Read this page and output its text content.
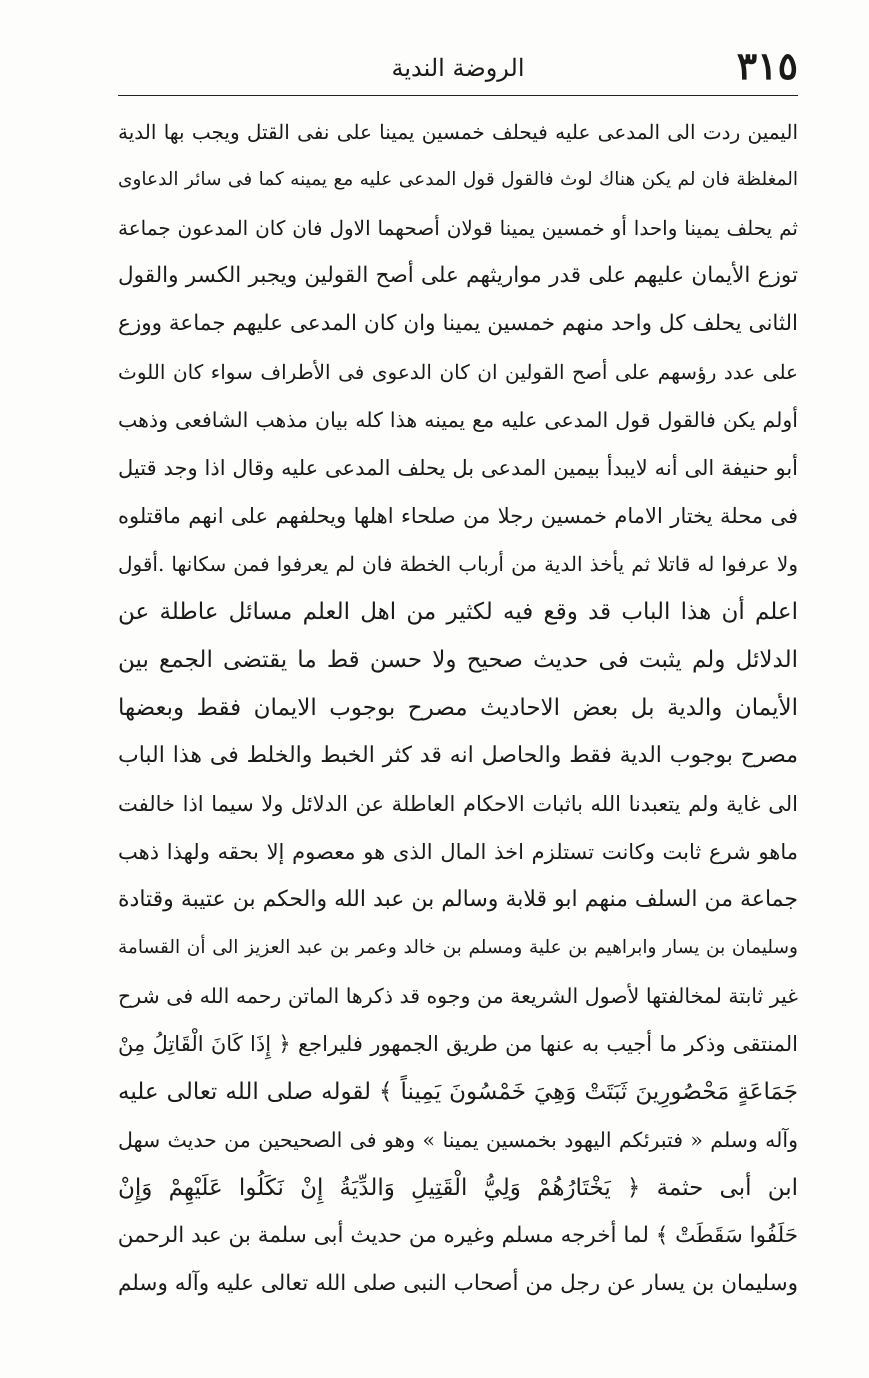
٣١٥
الروضة الندية
اليمين ردت الى المدعى عليه فيحلف خمسين يمينا على نفى القتل ويجب بها الدية
المغلظة فان لم يكن هناك لوث فالقول قول المدعى عليه مع يمينه كما فى سائر الدعاوى
ثم يحلف يمينا واحدا أو خمسين يمينا قولان أصحهما الاول فان كان المدعون جماعة
توزع الأيمان عليهم على قدر مواريثهم على أصح القولين ويجبر الكسر والقول
الثانى يحلف كل واحد منهم خمسين يمينا وان كان المدعى عليهم جماعة ووزع
على عدد رؤسهم على أصح القولين ان كان الدعوى فى الأطراف سواء كان اللوث
أولم يكن فالقول قول المدعى عليه مع يمينه هذا كله بيان مذهب الشافعى وذهب
أبو حنيفة الى أنه لايبدأ بيمين المدعى بل يحلف المدعى عليه وقال اذا وجد قتيل
فى محلة يختار الامام خمسين رجلا من صلحاء اهلها ويحلفهم على انهم ماقتلوه
ولا عرفوا له قاتلا ثم يأخذ الدية من أرباب الخطة فان لم يعرفوا فمن سكانها .أقول
اعلم أن هذا الباب قد وقع فيه لكثير من اهل العلم مسائل عاطلة عن
الدلائل ولم يثبت فى حديث صحيح ولا حسن قط ما يقتضى الجمع بين
الأيمان والدية بل بعض الاحاديث مصرح بوجوب الايمان فقط وبعضها
مصرح بوجوب الدية فقط والحاصل انه قد كثر الخبط والخلط فى هذا الباب
الى غاية ولم يتعبدنا الله باثبات الاحكام العاطلة عن الدلائل ولا سيما اذا خالفت
ماهو شرع ثابت وكانت تستلزم اخذ المال الذى هو معصوم إلا بحقه ولهذا ذهب
جماعة من السلف منهم ابو قلابة وسالم بن عبد الله والحكم بن عتيبة وقتادة
وسليمان بن يسار وابراهيم بن علية ومسلم بن خالد وعمر بن عبد العزيز الى أن القسامة
غير ثابتة لمخالفتها لأصول الشريعة من وجوه قد ذكرها الماتن رحمه الله فى شرح
المنتقى وذكر ما أجيب به عنها من طريق الجمهور فليراجع ﴿ إِذَا كَانَ الْقَاتِلُ مِنْ
جَمَاعَةٍ مَحْصُورِينَ ثَبَتَتْ وَهِيَ خَمْسُونَ يَمِيناً ﴾ لقوله صلى الله تعالى عليه
وآله وسلم « فتبرئكم اليهود بخمسين يمينا » وهو فى الصحيحين من حديث سهل
ابن أبى حثمة ﴿ يَخْتَارُهُمْ وَلِيُّ الْقَتِيلِ وَالدِّيَةُ إِنْ نَكَلُوا عَلَيْهِمْ وَإِنْ
حَلَفُوا سَقَطَتْ ﴾ لما أخرجه مسلم وغيره من حديث أبى سلمة بن عبد الرحمن
وسليمان بن يسار عن رجل من أصحاب النبى صلى الله تعالى عليه وآله وسلم
